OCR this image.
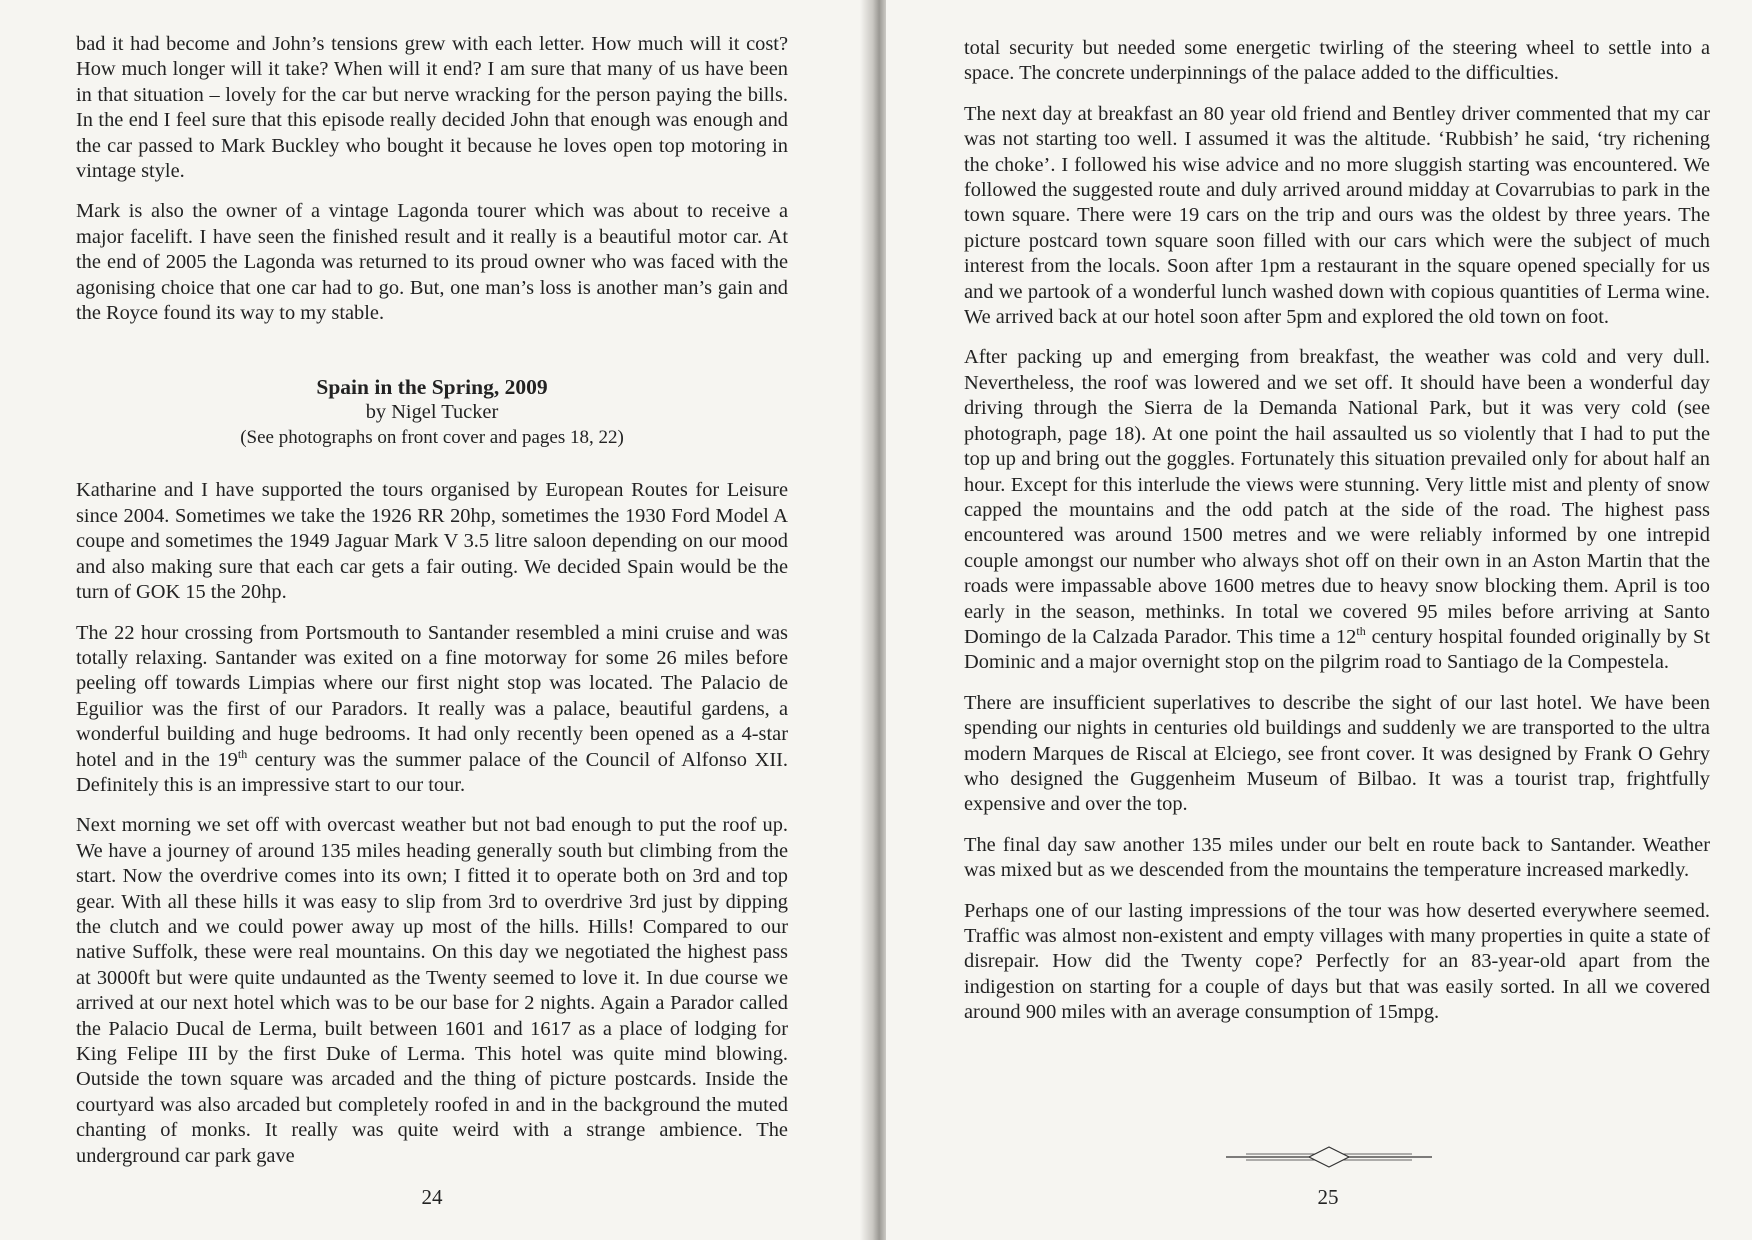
bad it had become and John’s tensions grew with each letter. How much will it cost? How much longer will it take? When will it end? I am sure that many of us have been in that situation – lovely for the car but nerve wracking for the person paying the bills. In the end I feel sure that this episode really decided John that enough was enough and the car passed to Mark Buckley who bought it because he loves open top motoring in vintage style.

Mark is also the owner of a vintage Lagonda tourer which was about to receive a major facelift. I have seen the finished result and it really is a beautiful motor car. At the end of 2005 the Lagonda was returned to its proud owner who was faced with the agonising choice that one car had to go. But, one man’s loss is another man’s gain and the Royce found its way to my stable.

Spain in the Spring, 2009
by Nigel Tucker
(See photographs on front cover and pages 18, 22)

Katharine and I have supported the tours organised by European Routes for Leisure since 2004. Sometimes we take the 1926 RR 20hp, sometimes the 1930 Ford Model A coupe and sometimes the 1949 Jaguar Mark V 3.5 litre saloon depending on our mood and also making sure that each car gets a fair outing. We decided Spain would be the turn of GOK 15 the 20hp.

The 22 hour crossing from Portsmouth to Santander resembled a mini cruise and was totally relaxing. Santander was exited on a fine motorway for some 26 miles before peeling off towards Limpias where our first night stop was located. The Palacio de Eguilior was the first of our Paradors. It really was a palace, beautiful gardens, a wonderful building and huge bedrooms. It had only recently been opened as a 4-star hotel and in the 19th century was the summer palace of the Council of Alfonso XII. Definitely this is an impressive start to our tour.

Next morning we set off with overcast weather but not bad enough to put the roof up. We have a journey of around 135 miles heading generally south but climbing from the start. Now the overdrive comes into its own; I fitted it to operate both on 3rd and top gear. With all these hills it was easy to slip from 3rd to overdrive 3rd just by dipping the clutch and we could power away up most of the hills. Hills! Compared to our native Suffolk, these were real mountains. On this day we negotiated the highest pass at 3000ft but were quite undaunted as the Twenty seemed to love it. In due course we arrived at our next hotel which was to be our base for 2 nights. Again a Parador called the Palacio Ducal de Lerma, built between 1601 and 1617 as a place of lodging for King Felipe III by the first Duke of Lerma. This hotel was quite mind blowing. Outside the town square was arcaded and the thing of picture postcards. Inside the courtyard was also arcaded but completely roofed in and in the background the muted chanting of monks. It really was quite weird with a strange ambience. The underground car park gave

24

total security but needed some energetic twirling of the steering wheel to settle into a space. The concrete underpinnings of the palace added to the difficulties.

The next day at breakfast an 80 year old friend and Bentley driver commented that my car was not starting too well. I assumed it was the altitude. ‘Rubbish’ he said, ‘try richening the choke’. I followed his wise advice and no more sluggish starting was encountered. We followed the suggested route and duly arrived around midday at Covarrubias to park in the town square. There were 19 cars on the trip and ours was the oldest by three years. The picture postcard town square soon filled with our cars which were the subject of much interest from the locals. Soon after 1pm a restaurant in the square opened specially for us and we partook of a wonderful lunch washed down with copious quantities of Lerma wine. We arrived back at our hotel soon after 5pm and explored the old town on foot.

After packing up and emerging from breakfast, the weather was cold and very dull. Nevertheless, the roof was lowered and we set off. It should have been a wonderful day driving through the Sierra de la Demanda National Park, but it was very cold (see photograph, page 18). At one point the hail assaulted us so violently that I had to put the top up and bring out the goggles. Fortunately this situation prevailed only for about half an hour. Except for this interlude the views were stunning. Very little mist and plenty of snow capped the mountains and the odd patch at the side of the road. The highest pass encountered was around 1500 metres and we were reliably informed by one intrepid couple amongst our number who always shot off on their own in an Aston Martin that the roads were impassable above 1600 metres due to heavy snow blocking them. April is too early in the season, methinks. In total we covered 95 miles before arriving at Santo Domingo de la Calzada Parador. This time a 12th century hospital founded originally by St Dominic and a major overnight stop on the pilgrim road to Santiago de la Compestela.

There are insufficient superlatives to describe the sight of our last hotel. We have been spending our nights in centuries old buildings and suddenly we are transported to the ultra modern Marques de Riscal at Elciego, see front cover. It was designed by Frank O Gehry who designed the Guggenheim Museum of Bilbao. It was a tourist trap, frightfully expensive and over the top.

The final day saw another 135 miles under our belt en route back to Santander. Weather was mixed but as we descended from the mountains the temperature increased markedly.

Perhaps one of our lasting impressions of the tour was how deserted everywhere seemed. Traffic was almost non-existent and empty villages with many properties in quite a state of disrepair. How did the Twenty cope? Perfectly for an 83-year-old apart from the indigestion on starting for a couple of days but that was easily sorted. In all we covered around 900 miles with an average consumption of 15mpg.

25
